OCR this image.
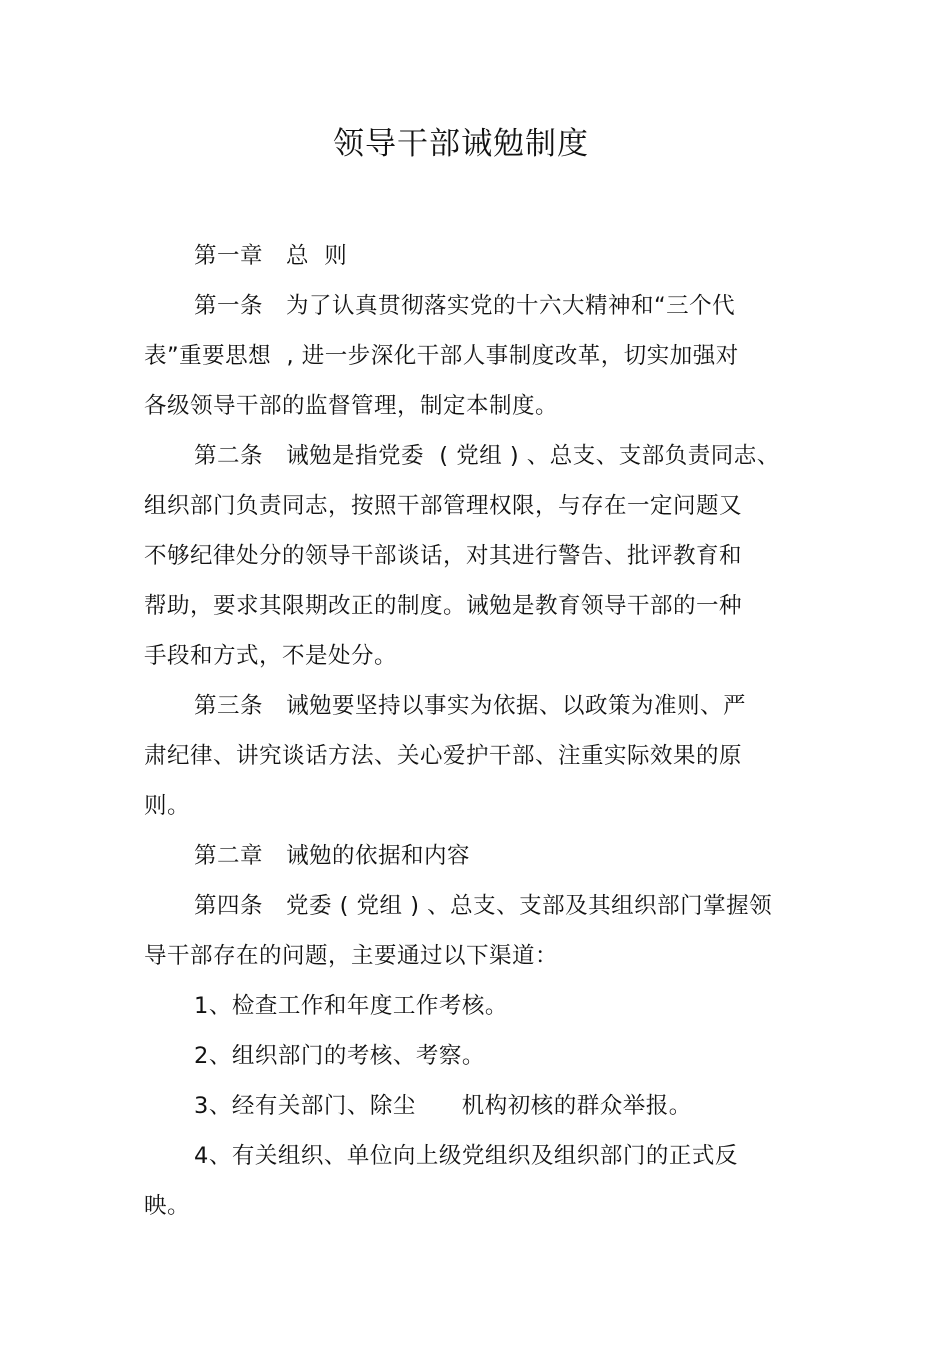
领导干部诫勉制度
第一章   总  则
第一条   为了认真贯彻落实党的十六大精神和“三个代
表”重要思想  , 进一步深化干部人事制度改革，切实加强对
各级领导干部的监督管理，制定本制度。
第二条   诫勉是指党委  ( 党组 ) 、总支、支部负责同志、
组织部门负责同志，按照干部管理权限，与存在一定问题又
不够纪律处分的领导干部谈话，对其进行警告、批评教育和
帮助，要求其限期改正的制度。诫勉是教育领导干部的一种
手段和方式，不是处分。
第三条   诫勉要坚持以事实为依据、以政策为准则、严
肃纪律、讲究谈话方法、关心爱护干部、注重实际效果的原
则。
第二章   诫勉的依据和内容
第四条   党委 ( 党组 ) 、总支、支部及其组织部门掌握领
导干部存在的问题，主要通过以下渠道：
1、检查工作和年度工作考核。
2、组织部门的考核、考察。
3、经有关部门、除尘      机构初核的群众举报。
4、有关组织、单位向上级党组织及组织部门的正式反
映。
